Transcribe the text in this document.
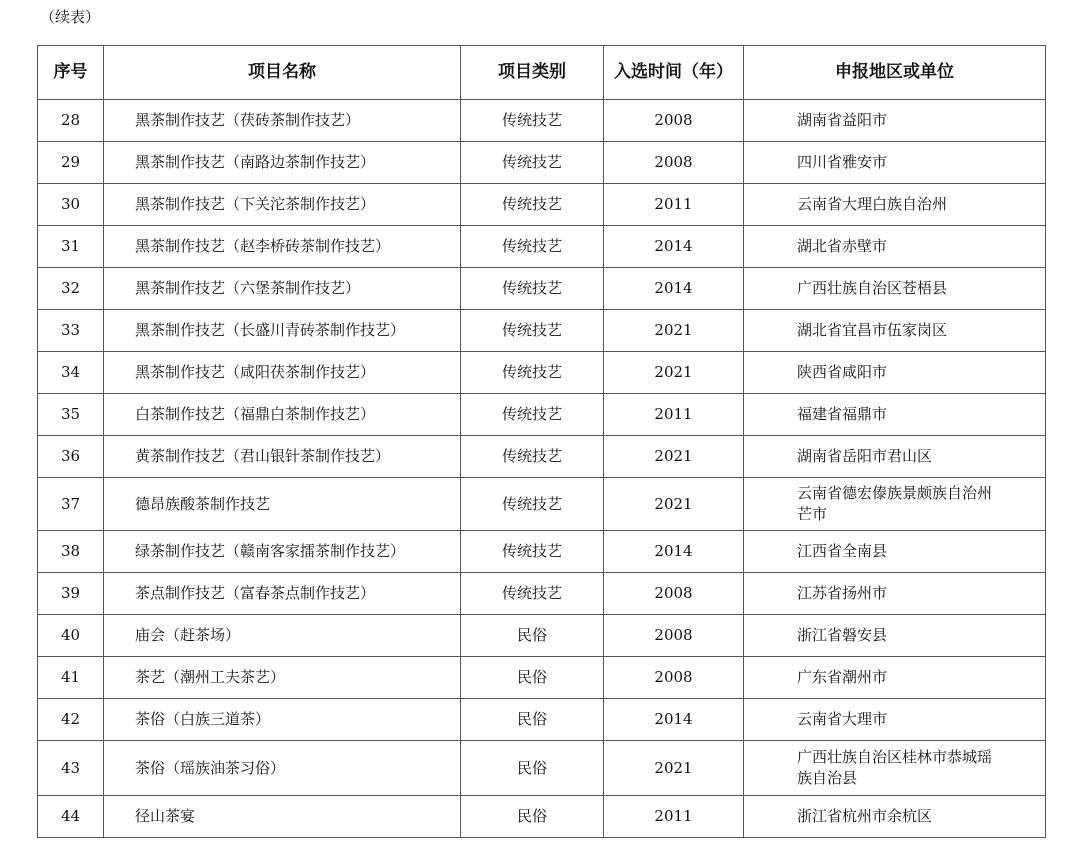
（续表）
序号	项目名称	项目类别	入选时间（年）	申报地区或单位
28	黑茶制作技艺（茯砖茶制作技艺）	传统技艺	2008	湖南省益阳市
29	黑茶制作技艺（南路边茶制作技艺）	传统技艺	2008	四川省雅安市
30	黑茶制作技艺（下关沱茶制作技艺）	传统技艺	2011	云南省大理白族自治州
31	黑茶制作技艺（赵李桥砖茶制作技艺）	传统技艺	2014	湖北省赤壁市
32	黑茶制作技艺（六堡茶制作技艺）	传统技艺	2014	广西壮族自治区苍梧县
33	黑茶制作技艺（长盛川青砖茶制作技艺）	传统技艺	2021	湖北省宜昌市伍家岗区
34	黑茶制作技艺（咸阳茯茶制作技艺）	传统技艺	2021	陕西省咸阳市
35	白茶制作技艺（福鼎白茶制作技艺）	传统技艺	2011	福建省福鼎市
36	黄茶制作技艺（君山银针茶制作技艺）	传统技艺	2021	湖南省岳阳市君山区
37	德昂族酸茶制作技艺	传统技艺	2021	云南省德宏傣族景颇族自治州芒市
38	绿茶制作技艺（赣南客家擂茶制作技艺）	传统技艺	2014	江西省全南县
39	茶点制作技艺（富春茶点制作技艺）	传统技艺	2008	江苏省扬州市
40	庙会（赶茶场）	民俗	2008	浙江省磐安县
41	茶艺（潮州工夫茶艺）	民俗	2008	广东省潮州市
42	茶俗（白族三道茶）	民俗	2014	云南省大理市
43	茶俗（瑶族油茶习俗）	民俗	2021	广西壮族自治区桂林市恭城瑶族自治县
44	径山茶宴	民俗	2011	浙江省杭州市余杭区
